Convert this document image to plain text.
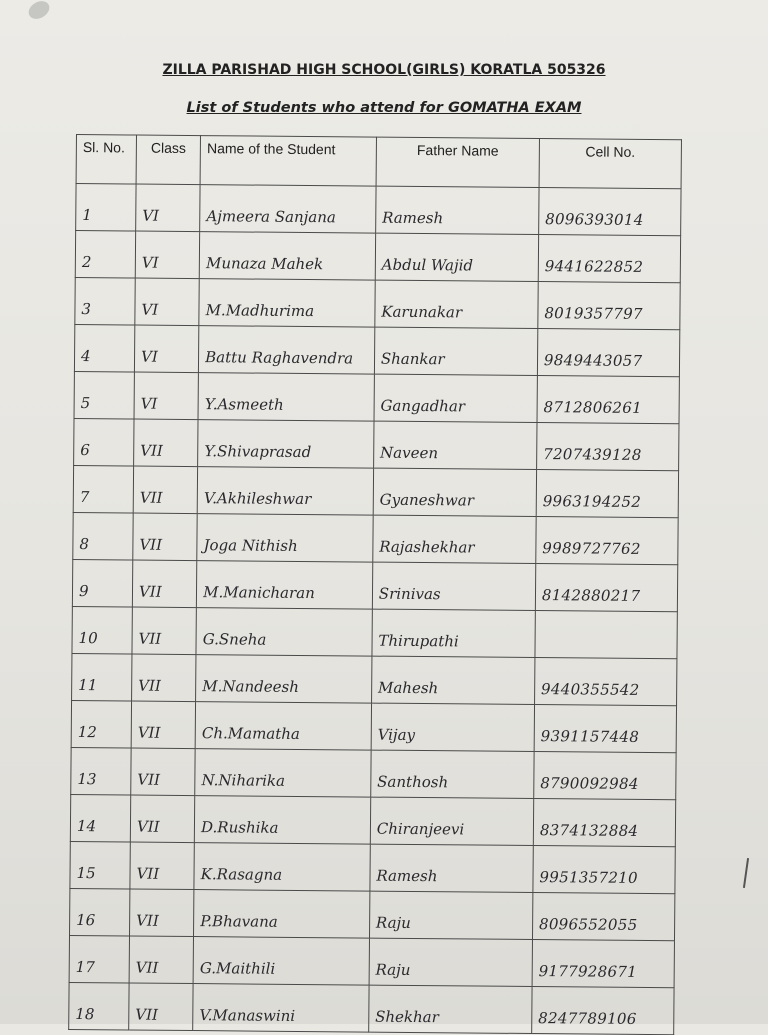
ZILLA PARISHAD HIGH SCHOOL(GIRLS) KORATLA 505326
List of Students who attend for GOMATHA EXAM
Sl. No.	Class	Name of the Student	Father Name	Cell No.
1	VI	Ajmeera Sanjana	Ramesh	8096393014
2	VI	Munaza Mahek	Abdul Wajid	9441622852
3	VI	M.Madhurima	Karunakar	8019357797
4	VI	Battu Raghavendra	Shankar	9849443057
5	VI	Y.Asmeeth	Gangadhar	8712806261
6	VII	Y.Shivaprasad	Naveen	7207439128
7	VII	V.Akhileshwar	Gyaneshwar	9963194252
8	VII	Joga Nithish	Rajashekhar	9989727762
9	VII	M.Manicharan	Srinivas	8142880217
10	VII	G.Sneha	Thirupathi	
11	VII	M.Nandeesh	Mahesh	9440355542
12	VII	Ch.Mamatha	Vijay	9391157448
13	VII	N.Niharika	Santhosh	8790092984
14	VII	D.Rushika	Chiranjeevi	8374132884
15	VII	K.Rasagna	Ramesh	9951357210
16	VII	P.Bhavana	Raju	8096552055
17	VII	G.Maithili	Raju	9177928671
18	VII	V.Manaswini	Shekhar	8247789106
